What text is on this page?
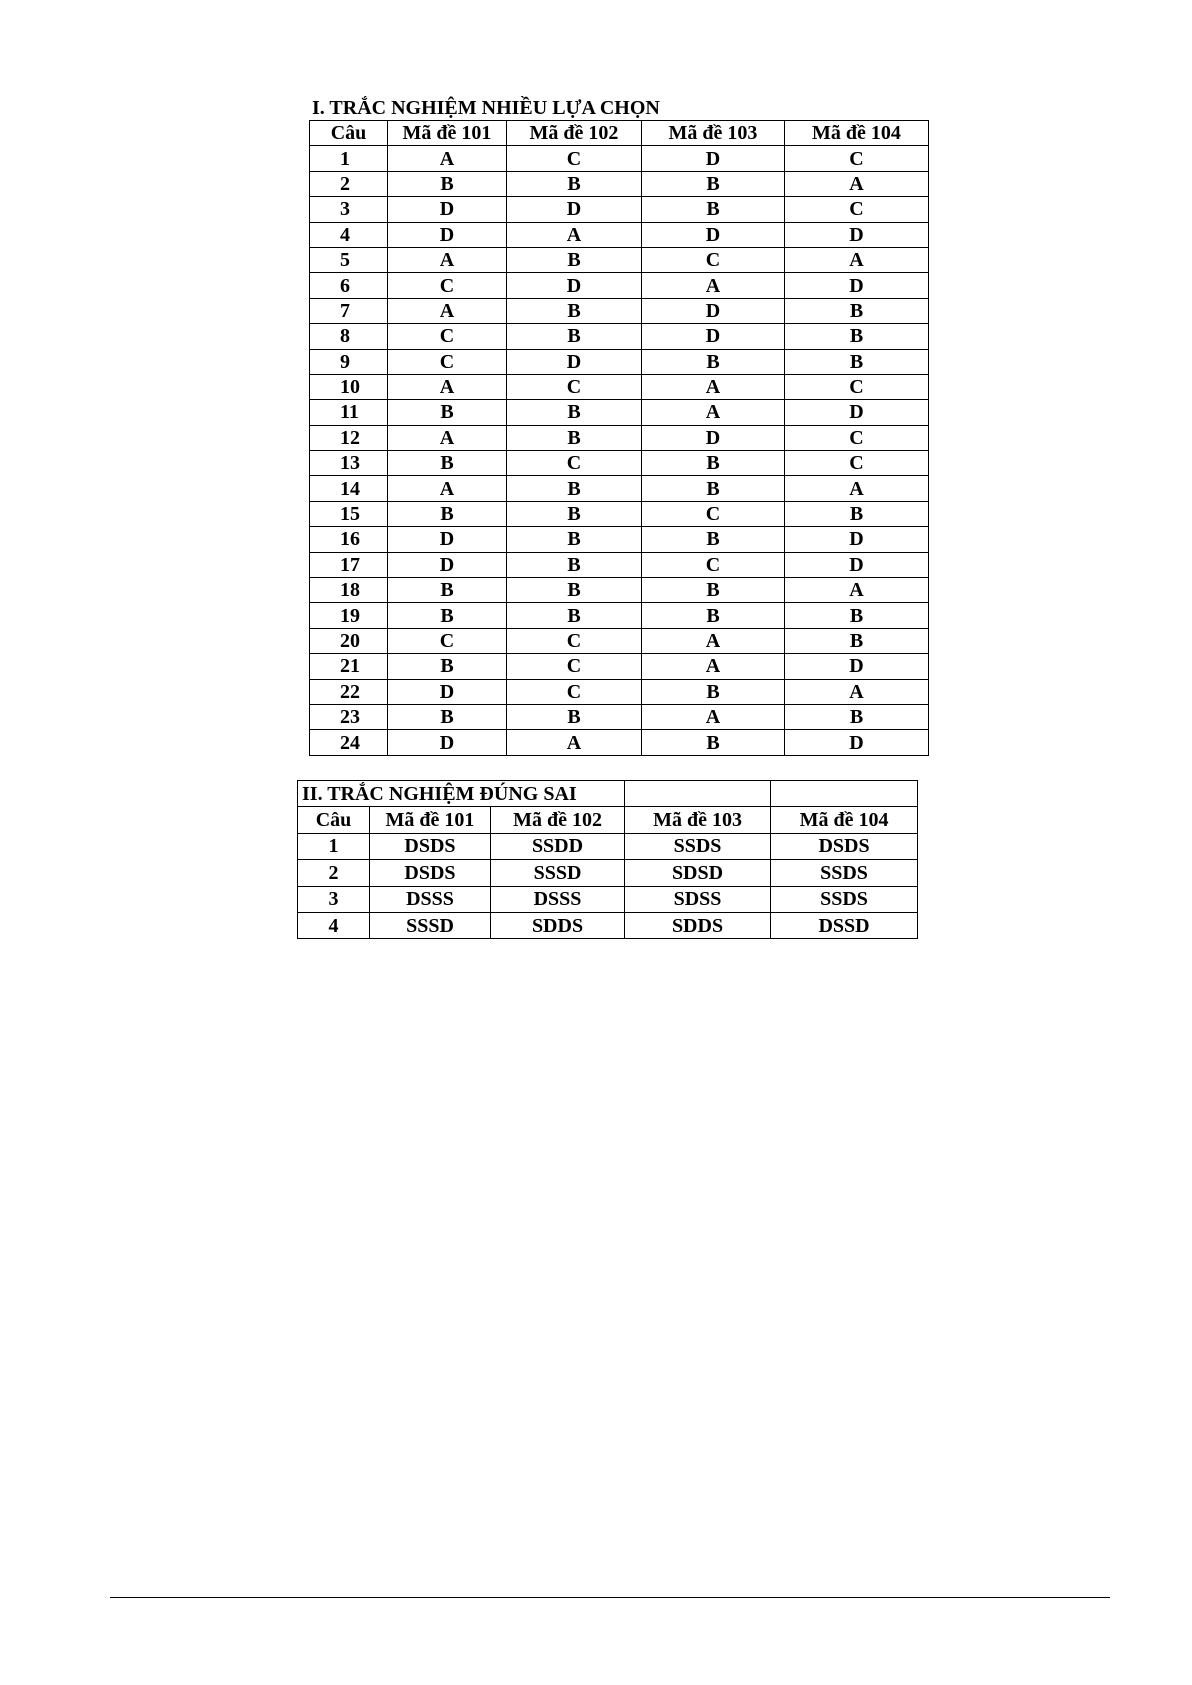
I. TRẮC NGHIỆM NHIỀU LỰA CHỌN
Câu	Mã đề 101	Mã đề 102	Mã đề 103	Mã đề 104
1	A	C	D	C
2	B	B	B	A
3	D	D	B	C
4	D	A	D	D
5	A	B	C	A
6	C	D	A	D
7	A	B	D	B
8	C	B	D	B
9	C	D	B	B
10	A	C	A	C
11	B	B	A	D
12	A	B	D	C
13	B	C	B	C
14	A	B	B	A
15	B	B	C	B
16	D	B	B	D
17	D	B	C	D
18	B	B	B	A
19	B	B	B	B
20	C	C	A	B
21	B	C	A	D
22	D	C	B	A
23	B	B	A	B
24	D	A	B	D
II. TRẮC NGHIỆM ĐÚNG SAI				
Câu	Mã đề 101	Mã đề 102	Mã đề 103	Mã đề 104
1	DSDS	SSDD	SSDS	DSDS
2	DSDS	SSSD	SDSD	SSDS
3	DSSS	DSSS	SDSS	SSDS
4	SSSD	SDDS	SDDS	DSSD
